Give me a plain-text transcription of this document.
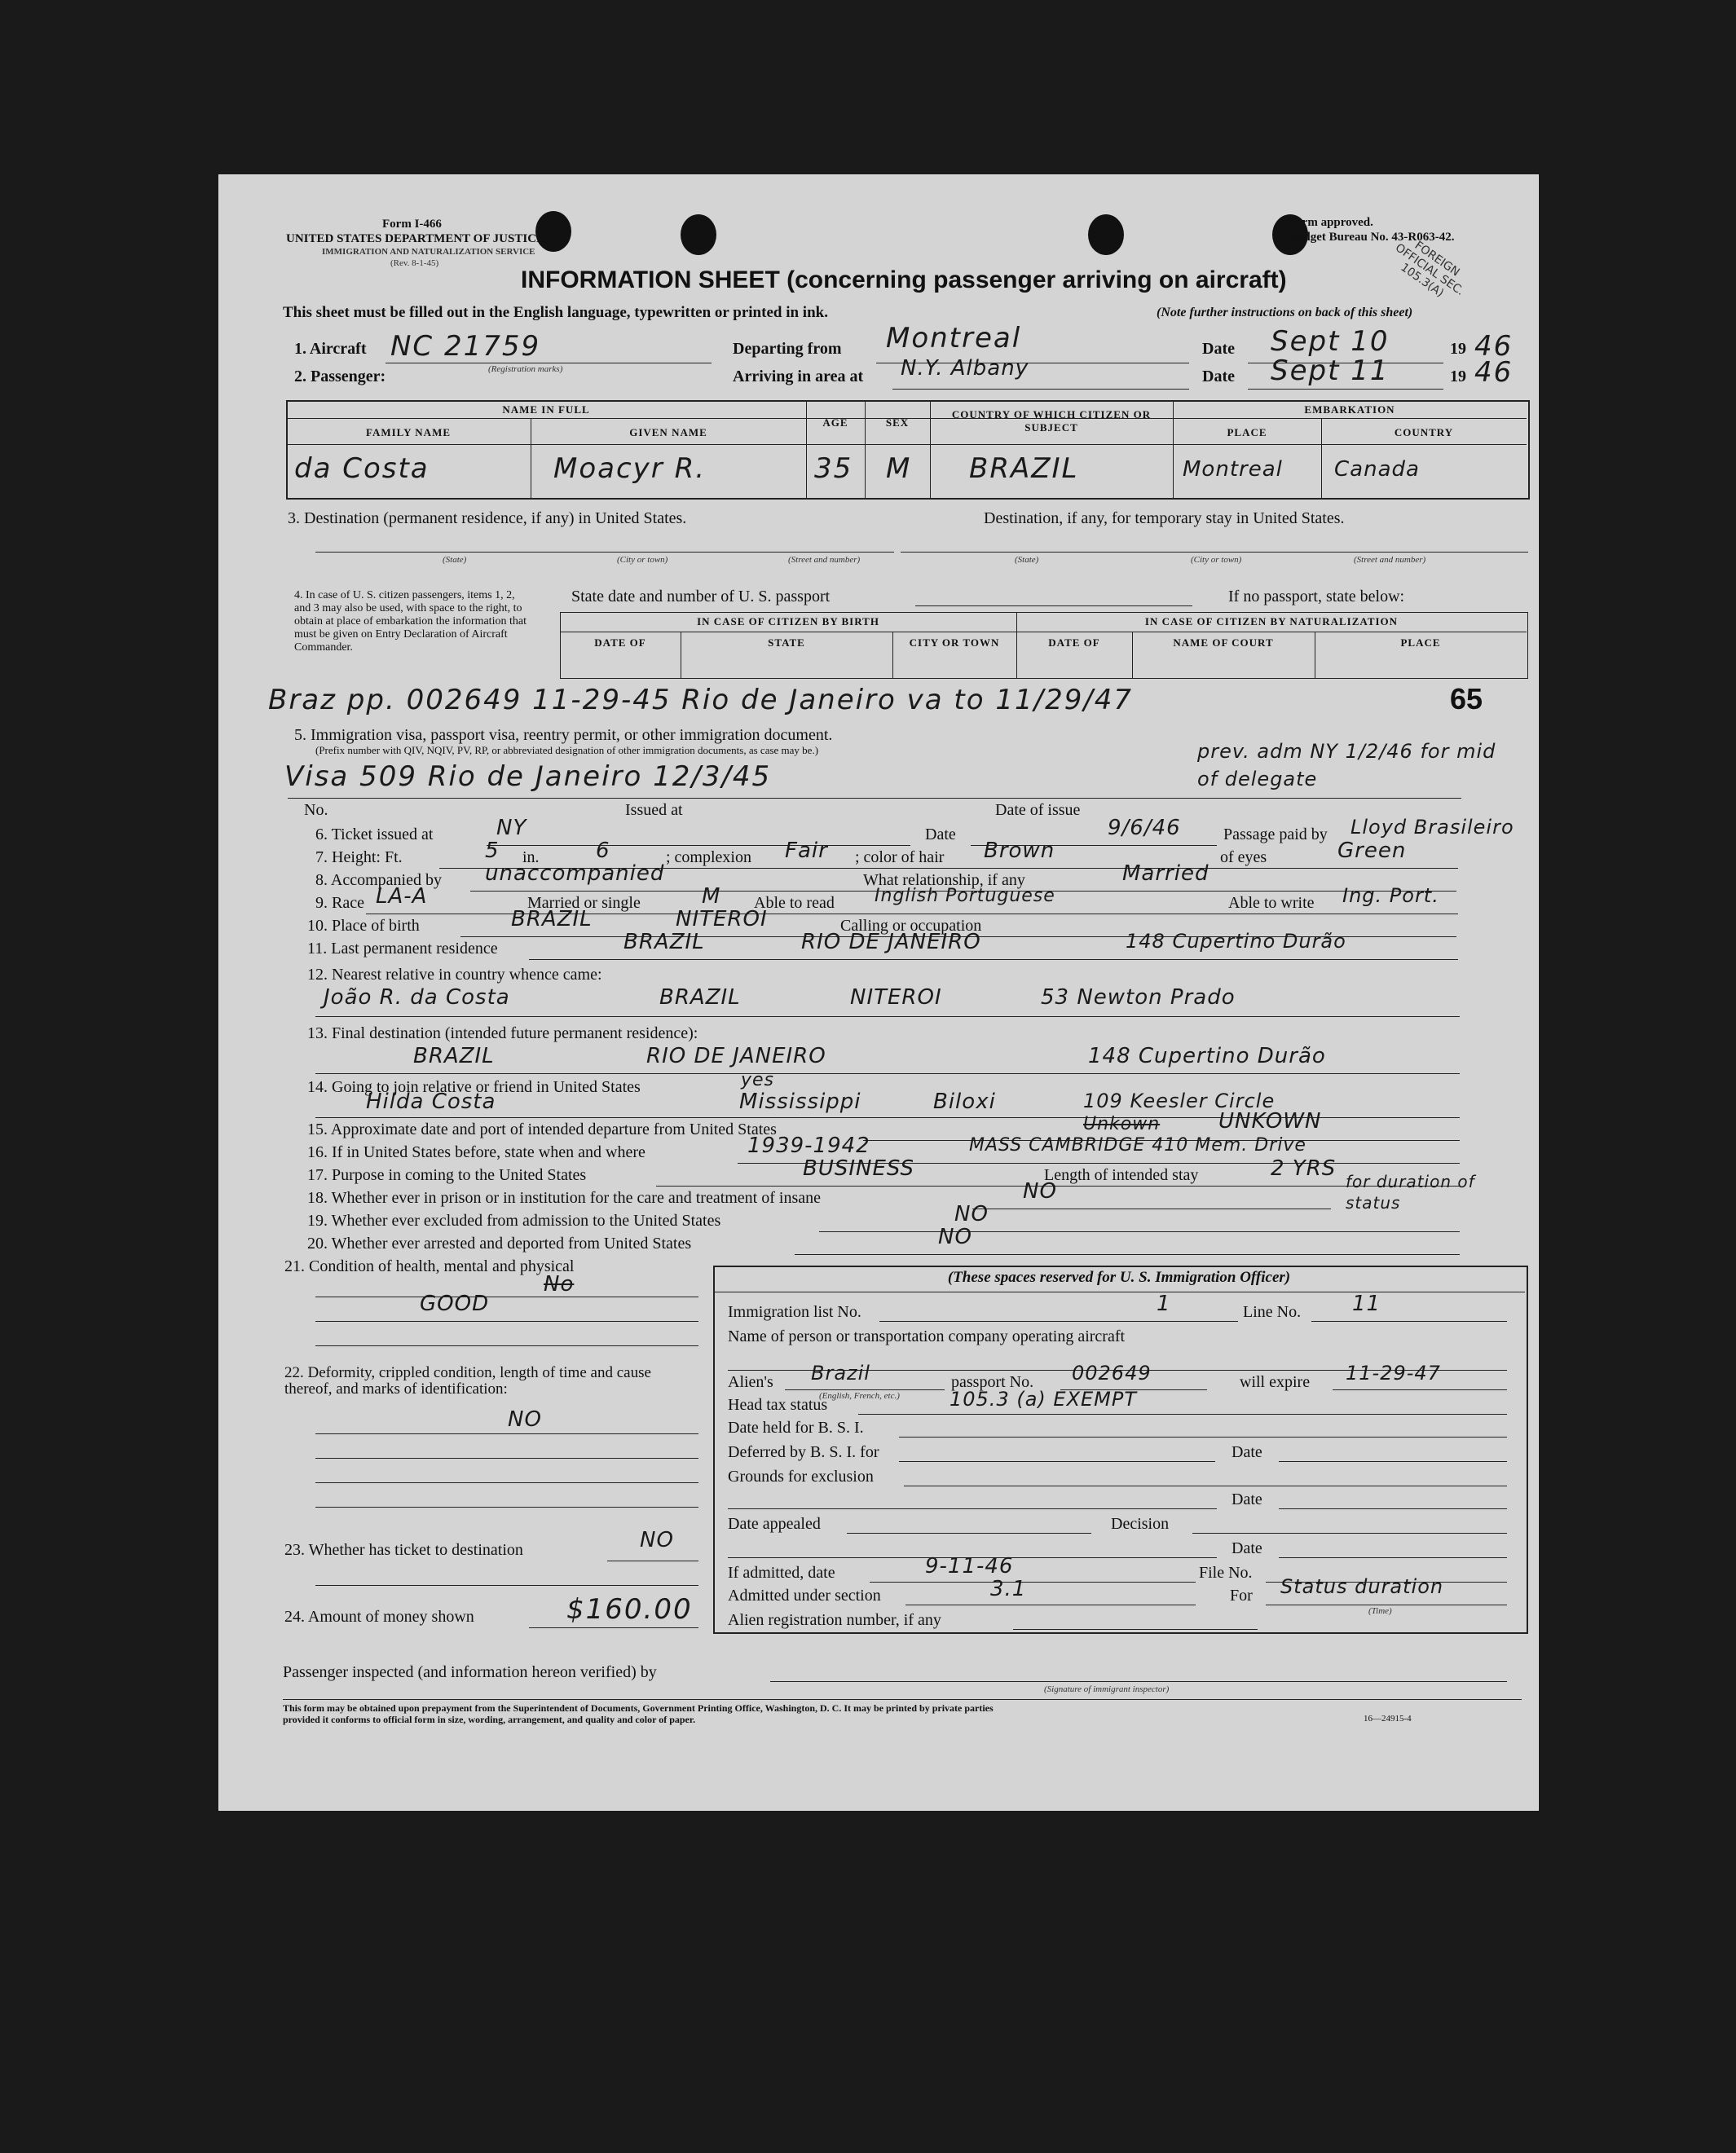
Form I-466
UNITED STATES DEPARTMENT OF JUSTICE
IMMIGRATION AND NATURALIZATION SERVICE
(Rev. 8-1-45)
Form approved.
Budget Bureau No. 43-R063-42.
FOREIGN OFFICIAL SEC. 105.3(A)
INFORMATION SHEET (concerning passenger arriving on aircraft)
This sheet must be filled out in the English language, typewritten or printed in ink.	(Note further instructions on back of this sheet)
1. Aircraft NC 21759
(Registration marks)
Departing from Montreal	Date Sept 10	19 46
2. Passenger:	Arriving in area at N.Y. Albany	Date Sept 11	19 46
NAME IN FULL
FAMILY NAME	GIVEN NAME
AGE	SEX
COUNTRY OF WHICH CITIZEN OR SUBJECT
EMBARKATION
PLACE	COUNTRY
da Costa	Moacyr R.	35 M BRAZIL	Montreal Canada
3. Destination (permanent residence, if any) in United States.	Destination, if any, for temporary stay in United States.
(State)	(City or town)	(Street and number)	(State)	(City or town)	(Street and number)
4. In case of U. S. citizen passengers, items 1, 2, and 3 may also be used, with space to the right, to obtain at place of embarkation the information that must be given on Entry Declaration of Aircraft Commander.
State date and number of U. S. passport	If no passport, state below:
IN CASE OF CITIZEN BY BIRTH	IN CASE OF CITIZEN BY NATURALIZATION
DATE OF	STATE	CITY OR TOWN	DATE OF	NAME OF COURT	PLACE
Braz pp. 002649 11-29-45 Rio de Janeiro va to 11/29/47	65
5. Immigration visa, passport visa, reentry permit, or other immigration document.
(Prefix number with QIV, NQIV, PV, RP, or abbreviated designation of other immigration documents, as case may be.)
Visa 509 Rio de Janeiro 12/3/45
prev. adm NY 1/2/46 for mid of delegate
No.	Issued at	Date of issue
6. Ticket issued at	NY	Date	9/6/46	Passage paid by Lloyd Brasileiro
7. Height: Ft.	5 in.	6	; complexion Fair ; color of hair Brown	of eyes	Green
8. Accompanied by unaccompanied	What relationship, if any	Married
9. Race LA-A	Married or single	M Able to read Inglish Portuguese	Able to write Ing. Port.
10. Place of birth	BRAZIL	NITEROI	Calling or occupation
11. Last permanent residence	BRAZIL	RIO DE JANEIRO	148 Cupertino Durão
12. Nearest relative in country whence came:
João R. da Costa	BRAZIL	NITEROI	53 Newton Prado
13. Final destination (intended future permanent residence):
BRAZIL	RIO DE JANEIRO	148 Cupertino Durão
14. Going to join relative or friend in United States	yes
Hilda Costa	Mississippi	Biloxi	109 Keesler Circle
15. Approximate date and port of intended departure from United States	Unkown	UNKOWN
16. If in United States before, state when and where	1939-1942	MASS CAMBRIDGE 410 Mem. Drive
17. Purpose in coming to the United States	BUSINESS	Length of intended stay	2 YRS
18. Whether ever in prison or in institution for the care and treatment of insane	NO	for duration of status
19. Whether ever excluded from admission to the United States	NO
20. Whether ever arrested and deported from United States	NO
21. Condition of health, mental and physical
No
GOOD
22. Deformity, crippled condition, length of time and cause thereof, and marks of identification:
NO
23. Whether has ticket to destination	NO
24. Amount of money shown	$160.00
(These spaces reserved for U. S. Immigration Officer)
Immigration list No.	1	Line No. 11
Name of person or transportation company operating aircraft
Alien's Brazil
(English, French, etc.)
passport No. 002649	will expire 11-29-47
Head tax status	105.3 (a) EXEMPT
Date held for B. S. I.
Deferred by B. S. I. for	Date
Grounds for exclusion
Date
Date appealed	Decision
Date
If admitted, date	9-11-46	File No.
Admitted under section	3.1	For Status duration
(Time)
Alien registration number, if any
Passenger inspected (and information hereon verified) by
(Signature of immigrant inspector)
This form may be obtained upon prepayment from the Superintendent of Documents, Government Printing Office, Washington, D. C. It may be printed by private parties
provided it conforms to official form in size, wording, arrangement, and quality and color of paper.	16—24915-4
